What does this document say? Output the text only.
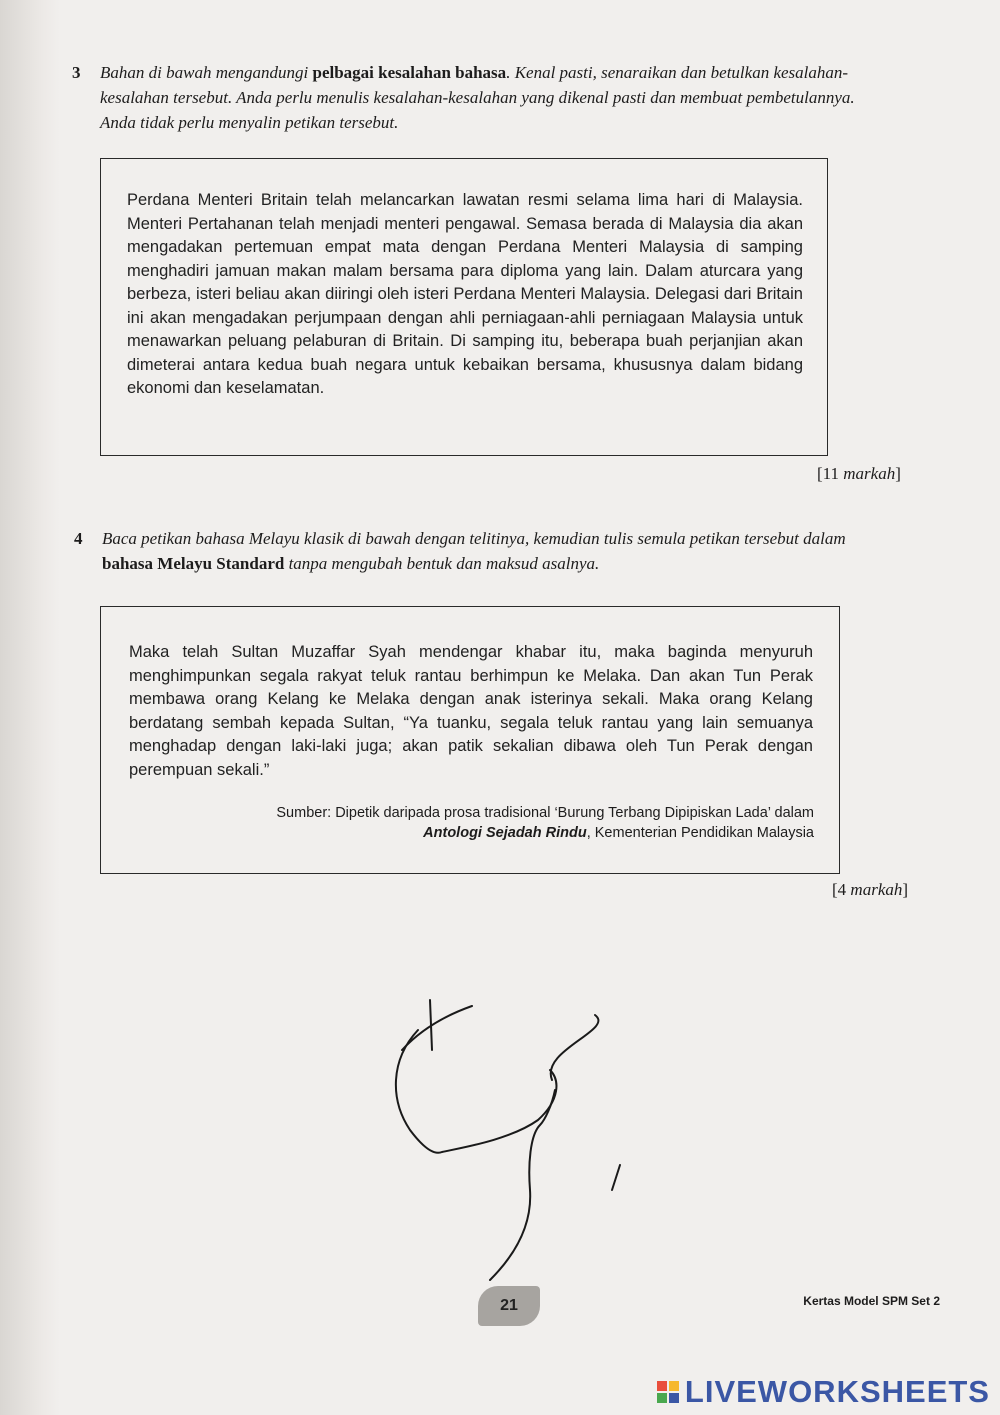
3 Bahan di bawah mengandungi pelbagai kesalahan bahasa. Kenal pasti, senaraikan dan betulkan kesalahan-kesalahan tersebut. Anda perlu menulis kesalahan-kesalahan yang dikenal pasti dan membuat pembetulannya. Anda tidak perlu menyalin petikan tersebut.

Perdana Menteri Britain telah melancarkan lawatan resmi selama lima hari di Malaysia. Menteri Pertahanan telah menjadi menteri pengawal. Semasa berada di Malaysia dia akan mengadakan pertemuan empat mata dengan Perdana Menteri Malaysia di samping menghadiri jamuan makan malam bersama para diploma yang lain. Dalam aturcara yang berbeza, isteri beliau akan diiringi oleh isteri Perdana Menteri Malaysia. Delegasi dari Britain ini akan mengadakan perjumpaan dengan ahli perniagaan-ahli perniagaan Malaysia untuk menawarkan peluang pelaburan di Britain. Di samping itu, beberapa buah perjanjian akan dimeterai antara kedua buah negara untuk kebaikan bersama, khususnya dalam bidang ekonomi dan keselamatan.

[11 markah]
4 Baca petikan bahasa Melayu klasik di bawah dengan telitinya, kemudian tulis semula petikan tersebut dalam bahasa Melayu Standard tanpa mengubah bentuk dan maksud asalnya.

Maka telah Sultan Muzaffar Syah mendengar khabar itu, maka baginda menyuruh menghimpunkan segala rakyat teluk rantau berhimpun ke Melaka. Dan akan Tun Perak membawa orang Kelang ke Melaka dengan anak isterinya sekali. Maka orang Kelang berdatang sembah kepada Sultan, “Ya tuanku, segala teluk rantau yang lain semuanya menghadap dengan laki-laki juga; akan patik sekalian dibawa oleh Tun Perak dengan perempuan sekali.”

Sumber: Dipetik daripada prosa tradisional ‘Burung Terbang Dipipiskan Lada’ dalam
Antologi Sejadah Rindu, Kementerian Pendidikan Malaysia
[4 markah]
21	Kertas Model SPM Set 2
LIVEWORKSHEETS
